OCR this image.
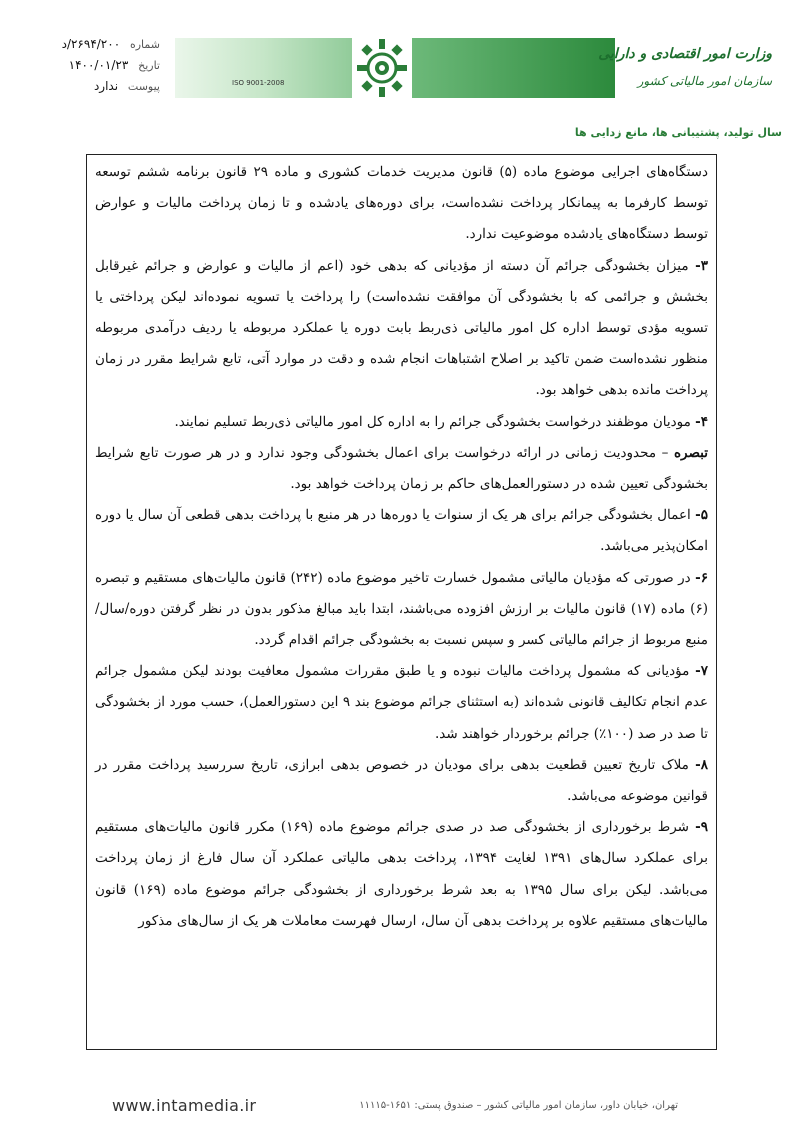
شماره ۲۶۹۴/۲۰۰/د
تاریخ ۱۴۰۰/۰۱/۲۳
پیوست ندارد	ISO 9001-2008
وزارت امور اقتصادی و دارایی
سازمان امور مالیاتی کشور
سال تولید، پشتیبانی ها، مانع زدایی ها

دستگاه‌های اجرایی موضوع ماده (۵) قانون مدیریت خدمات کشوری و ماده ۲۹ قانون برنامه ششم توسعه توسط کارفرما به پیمانکار پرداخت نشده‌است، برای دوره‌های یادشده و تا زمان پرداخت مالیات و عوارض توسط دستگاه‌های یادشده موضوعیت ندارد.

۳- میزان بخشودگی جرائم آن دسته از مؤدیانی که بدهی خود (اعم از مالیات و عوارض و جرائم غیرقابل بخشش و جرائمی که با بخشودگی آن موافقت نشده‌است) را پرداخت یا تسویه نموده‌اند لیکن پرداختی یا تسویه مؤدی توسط اداره کل امور مالیاتی ذی‌ربط بابت دوره یا عملکرد مربوطه یا ردیف درآمدی مربوطه منظور نشده‌است ضمن تاکید بر اصلاح اشتباهات انجام شده و دقت در موارد آتی، تابع شرایط مقرر در زمان پرداخت مانده بدهی خواهد بود.

۴- مودیان موظفند درخواست بخشودگی جرائم را به اداره کل امور مالیاتی ذی‌ربط تسلیم نمایند.

تبصره – محدودیت زمانی در ارائه درخواست برای اعمال بخشودگی وجود ندارد و در هر صورت تابع شرایط بخشودگی تعیین شده در دستورالعمل‌های حاکم بر زمان پرداخت خواهد بود.

۵- اعمال بخشودگی جرائم برای هر یک از سنوات یا دوره‌ها در هر منبع با پرداخت بدهی قطعی آن سال یا دوره امکان‌پذیر می‌باشد.

۶- در صورتی که مؤدیان مالیاتی مشمول خسارت تاخیر موضوع ماده (۲۴۲) قانون مالیات‌های مستقیم و تبصره (۶) ماده (۱۷) قانون مالیات بر ارزش افزوده می‌باشند، ابتدا باید مبالغ مذکور بدون در نظر گرفتن دوره/سال/منبع مربوط از جرائم مالیاتی کسر و سپس نسبت به بخشودگی جرائم اقدام گردد.

۷- مؤدیانی که مشمول پرداخت مالیات نبوده و یا طبق مقررات مشمول معافیت بودند لیکن مشمول جرائم عدم انجام تکالیف قانونی شده‌اند (به استثنای جرائم موضوع بند ۹ این دستورالعمل)، حسب مورد از بخشودگی تا صد در صد (۱۰۰٪) جرائم برخوردار خواهند شد.

۸- ملاک تاریخ تعیین قطعیت بدهی برای مودیان در خصوص بدهی ابرازی، تاریخ سررسید پرداخت مقرر در قوانین موضوعه می‌باشد.

۹- شرط برخورداری از بخشودگی صد در صدی جرائم موضوع ماده (۱۶۹) مکرر قانون مالیات‌های مستقیم برای عملکرد سال‌های ۱۳۹۱ لغایت ۱۳۹۴، پرداخت بدهی مالیاتی عملکرد آن سال فارغ از زمان پرداخت می‌باشد. لیکن برای سال ۱۳۹۵ به بعد شرط برخورداری از بخشودگی جرائم موضوع ماده (۱۶۹) قانون مالیات‌های مستقیم علاوه بر پرداخت بدهی آن سال، ارسال فهرست معاملات هر یک از سال‌های مذکور

www.intamedia.ir	تهران، خیابان داور، سازمان امور مالیاتی کشور – صندوق پستی: ۱۶۵۱-۱۱۱۱۵
